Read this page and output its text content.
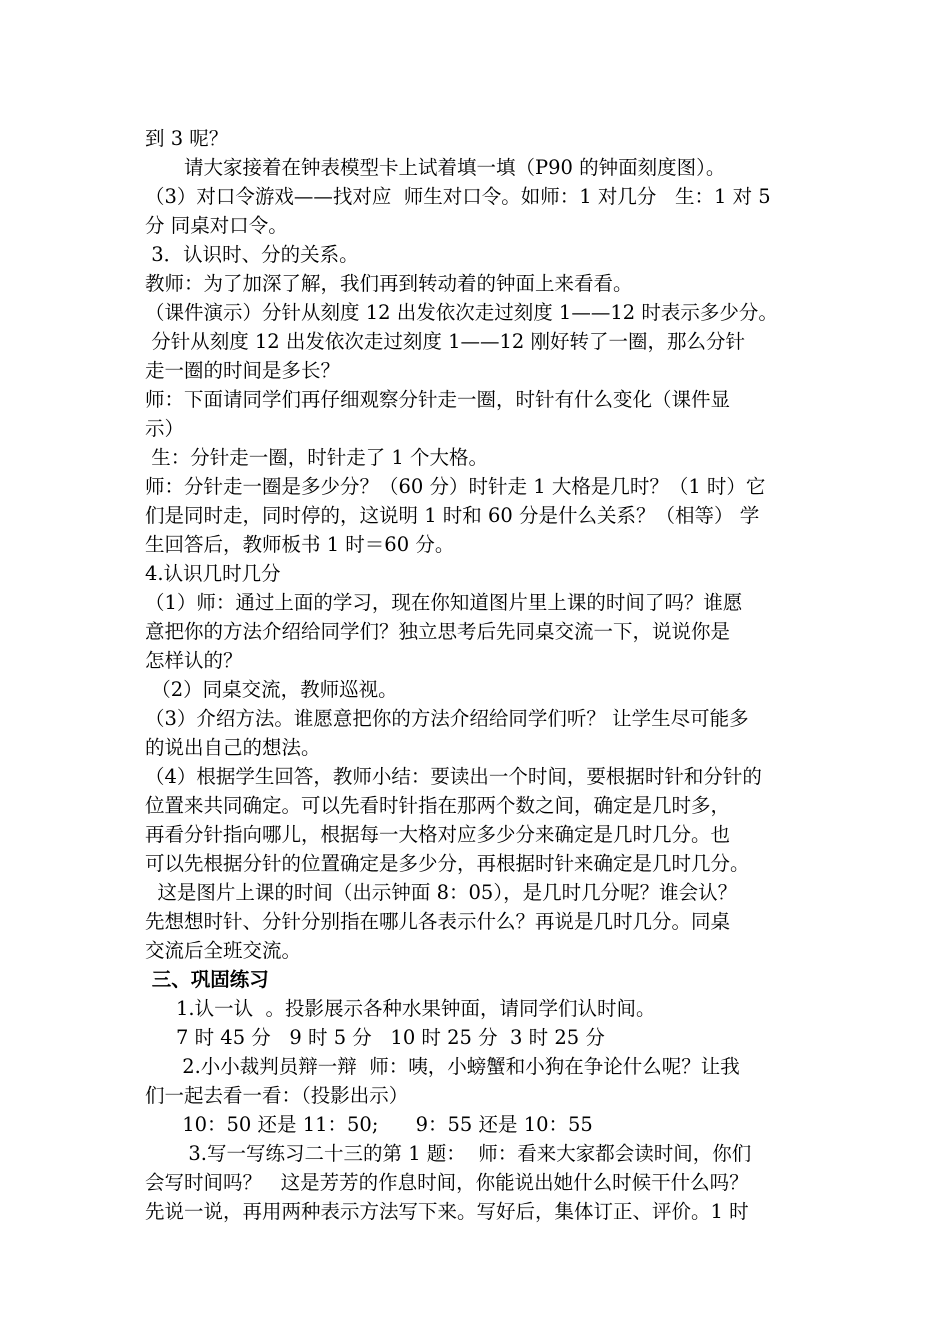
到 3 呢？
　　请大家接着在钟表模型卡上试着填一填（P90 的钟面刻度图）。
（3）对口令游戏——找对应  师生对口令。如师：1 对几分   生：1 对 5
分 同桌对口令。
3．认识时、分的关系。
教师：为了加深了解，我们再到转动着的钟面上来看看。
（课件演示）分针从刻度 12 出发依次走过刻度 1——12 时表示多少分。
分针从刻度 12 出发依次走过刻度 1——12 刚好转了一圈，那么分针
走一圈的时间是多长？
师：下面请同学们再仔细观察分针走一圈，时针有什么变化（课件显
示）
生：分针走一圈，时针走了 1 个大格。
师：分针走一圈是多少分？（60 分）时针走 1 大格是几时？（1 时）它
们是同时走，同时停的，这说明 1 时和 60 分是什么关系？（相等） 学
生回答后，教师板书 1 时＝60 分。
4.认识几时几分
（1）师：通过上面的学习，现在你知道图片里上课的时间了吗？谁愿
意把你的方法介绍给同学们？独立思考后先同桌交流一下，说说你是
怎样认的？
（2）同桌交流，教师巡视。
（3）介绍方法。谁愿意把你的方法介绍给同学们听？ 让学生尽可能多
的说出自己的想法。
（4）根据学生回答，教师小结：要读出一个时间，要根据时针和分针的
位置来共同确定。可以先看时针指在那两个数之间，确定是几时多，
再看分针指向哪儿，根据每一大格对应多少分来确定是几时几分。也
可以先根据分针的位置确定是多少分，再根据时针来确定是几时几分。
这是图片上课的时间（出示钟面 8：05），是几时几分呢？谁会认？
先想想时针、分针分别指在哪儿各表示什么？再说是几时几分。同桌
交流后全班交流。
三、巩固练习
1.认一认  。投影展示各种水果钟面，请同学们认时间。
7 时 45 分   9 时 5 分   10 时 25 分  3 时 25 分
2.小小裁判员辩一辩  师：咦，小螃蟹和小狗在争论什么呢？让我
们一起去看一看：（投影出示）
10：50 还是 11：50;      9：55 还是 10：55
3.写一写练习二十三的第 1 题：  师：看来大家都会读时间，你们
会写时间吗？   这是芳芳的作息时间，你能说出她什么时候干什么吗？
先说一说，再用两种表示方法写下来。写好后，集体订正、评价。1 时
